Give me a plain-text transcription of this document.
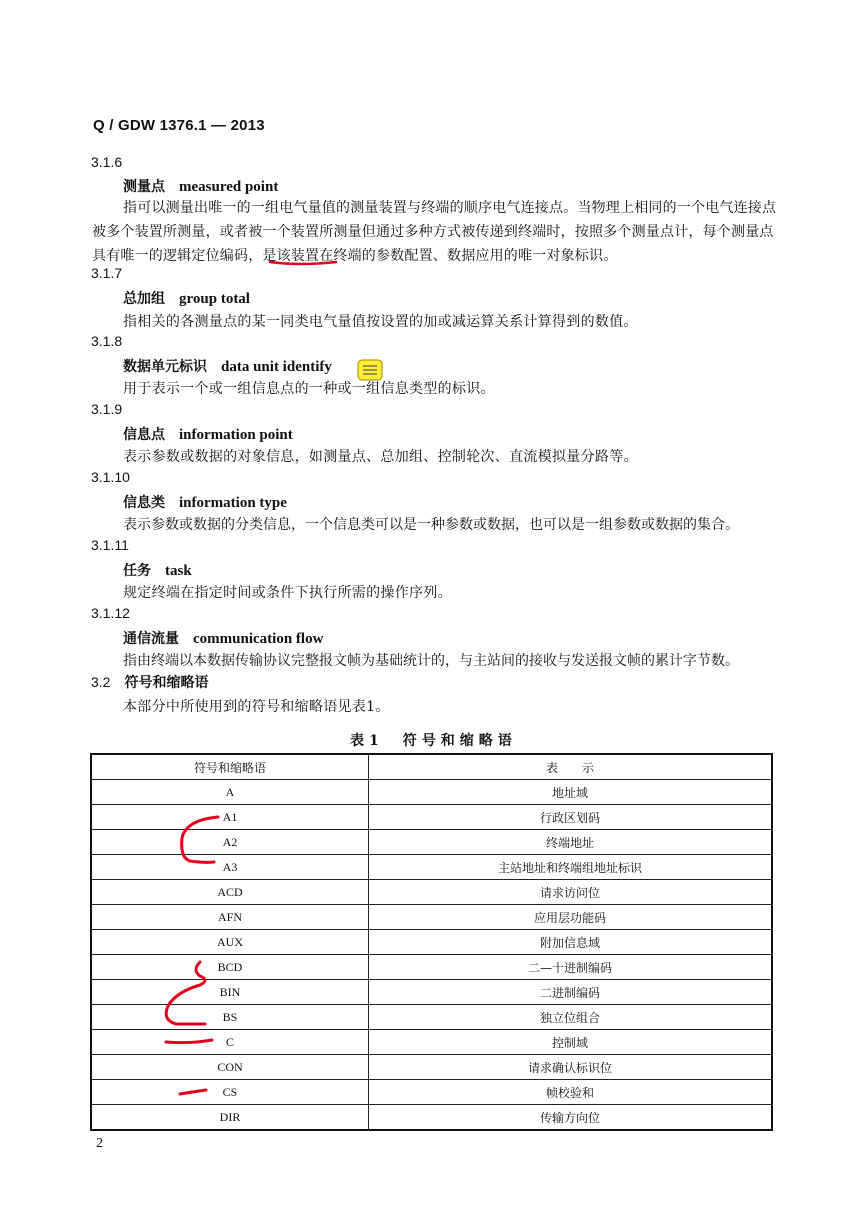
Q / GDW 1376.1 — 2013
3.1.6
测量点 measured point
指可以测量出唯一的一组电气量值的测量装置与终端的顺序电气连接点。当物理上相同的一个电气连接点被多个装置所测量，或者被一个装置所测量但通过多种方式被传递到终端时，按照多个测量点计，每个测量点具有唯一的逻辑定位编码，是该装置在终端的参数配置、数据应用的唯一对象标识。
3.1.7
总加组 group total
指相关的各测量点的某一同类电气量值按设置的加或减运算关系计算得到的数值。
3.1.8
数据单元标识 data unit identify
用于表示一个或一组信息点的一种或一组信息类型的标识。
3.1.9
信息点 information point
表示参数或数据的对象信息，如测量点、总加组、控制轮次、直流模拟量分路等。
3.1.10
信息类 information type
表示参数或数据的分类信息，一个信息类可以是一种参数或数据，也可以是一组参数或数据的集合。
3.1.11
任务 task
规定终端在指定时间或条件下执行所需的操作序列。
3.1.12
通信流量 communication flow
指由终端以本数据传输协议完整报文帧为基础统计的，与主站间的接收与发送报文帧的累计字节数。
3.2 符号和缩略语
本部分中所使用到的符号和缩略语见表1。
表1　符号和缩略语
符号和缩略语	表　　示
A	地址域
A1	行政区划码
A2	终端地址
A3	主站地址和终端组地址标识
ACD	请求访问位
AFN	应用层功能码
AUX	附加信息域
BCD	二—十进制编码
BIN	二进制编码
BS	独立位组合
C	控制域
CON	请求确认标识位
CS	帧校验和
DIR	传输方向位
2
